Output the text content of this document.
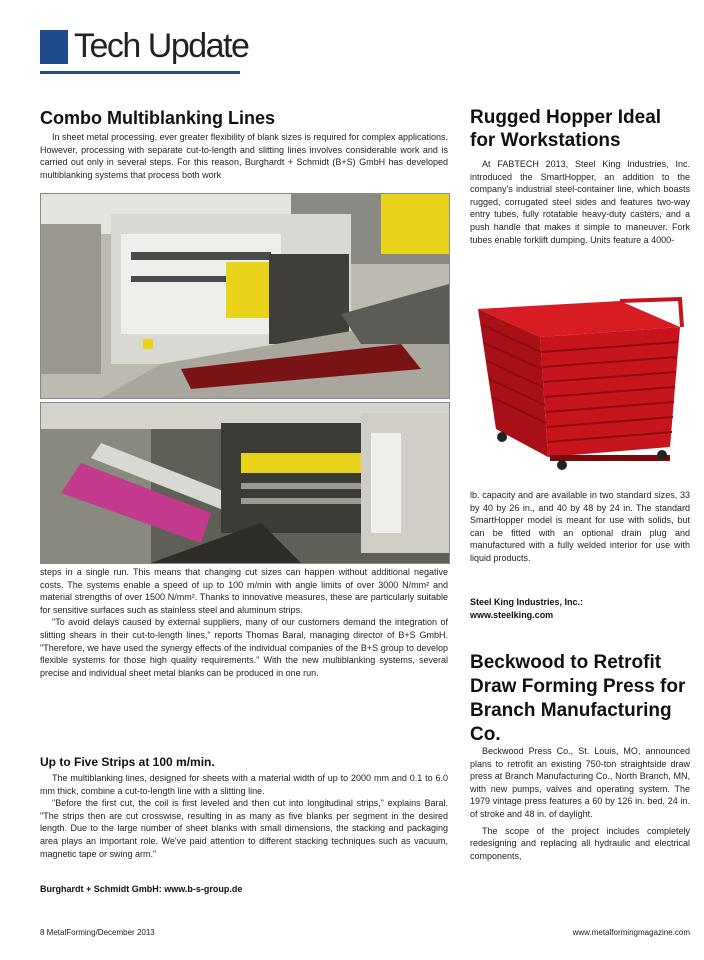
Tech Update
Combo Multiblanking Lines

In sheet metal processing, ever greater flexibility of blank sizes is required for complex applications. However, processing with separate cut-to-length and slitting lines involves considerable work and is carried out only in several steps. For this reason, Burghardt + Schmidt (B+S) GmbH has developed multiblanking systems that process both work

steps in a single run. This means that changing cut sizes can happen without additional negative costs. The systems enable a speed of up to 100 m/min with angle limits of over 3000 N/mm² and material strengths of over 1500 N/mm². Thanks to innovative measures, these are particularly suitable for sensitive surfaces such as stainless steel and aluminum strips.

"To avoid delays caused by external suppliers, many of our customers demand the integration of slitting shears in their cut-to-length lines," reports Thomas Baral, managing director of B+S GmbH. "Therefore, we have used the synergy effects of the individual companies of the B+S group to develop flexible systems for those high quality requirements." With the new multiblanking systems, several precise and individual sheet metal blanks can be produced in one run.

Up to Five Strips at 100 m/min.

The multiblanking lines, designed for sheets with a material width of up to 2000 mm and 0.1 to 6.0 mm thick, combine a cut-to-length line with a slitting line.

"Before the first cut, the coil is first leveled and then cut into longitudinal strips," explains Baral. "The strips then are cut crosswise, resulting in as many as five blanks per segment in the desired length. Due to the large number of sheet blanks with small dimensions, the stacking and packaging area plays an important role. We've paid attention to different stacking techniques such as vacuum, magnetic tape or swing arm."

Burghardt + Schmidt GmbH: www.b-s-group.de
Rugged Hopper Ideal for Workstations

At FABTECH 2013, Steel King Industries, Inc. introduced the SmartHopper, an addition to the company's industrial steel-container line, which boasts rugged, corrugated steel sides and features two-way entry tubes, fully rotatable heavy-duty casters, and a push handle that makes it simple to maneuver. Fork tubes enable forklift dumping. Units feature a 4000-

lb. capacity and are available in two standard sizes, 33 by 40 by 26 in., and 40 by 48 by 24 in. The standard SmartHopper model is meant for use with solids, but can be fitted with an optional drain plug and manufactured with a fully welded interior for use with liquid products.

Steel King Industries, Inc.:
www.steelking.com
Beckwood to Retrofit Draw Forming Press for Branch Manufacturing Co.

Beckwood Press Co., St. Louis, MO, announced plans to retrofit an existing 750-ton straightside draw press at Branch Manufacturing Co., North Branch, MN, with new pumps, valves and operating system. The 1979 vintage press features a 60 by 126 in. bed, 24 in. of stroke and 48 in. of daylight.

The scope of the project includes completely redesigning and replacing all hydraulic and electrical components,

8 MetalForming/December 2013	www.metalformingmagazine.com
